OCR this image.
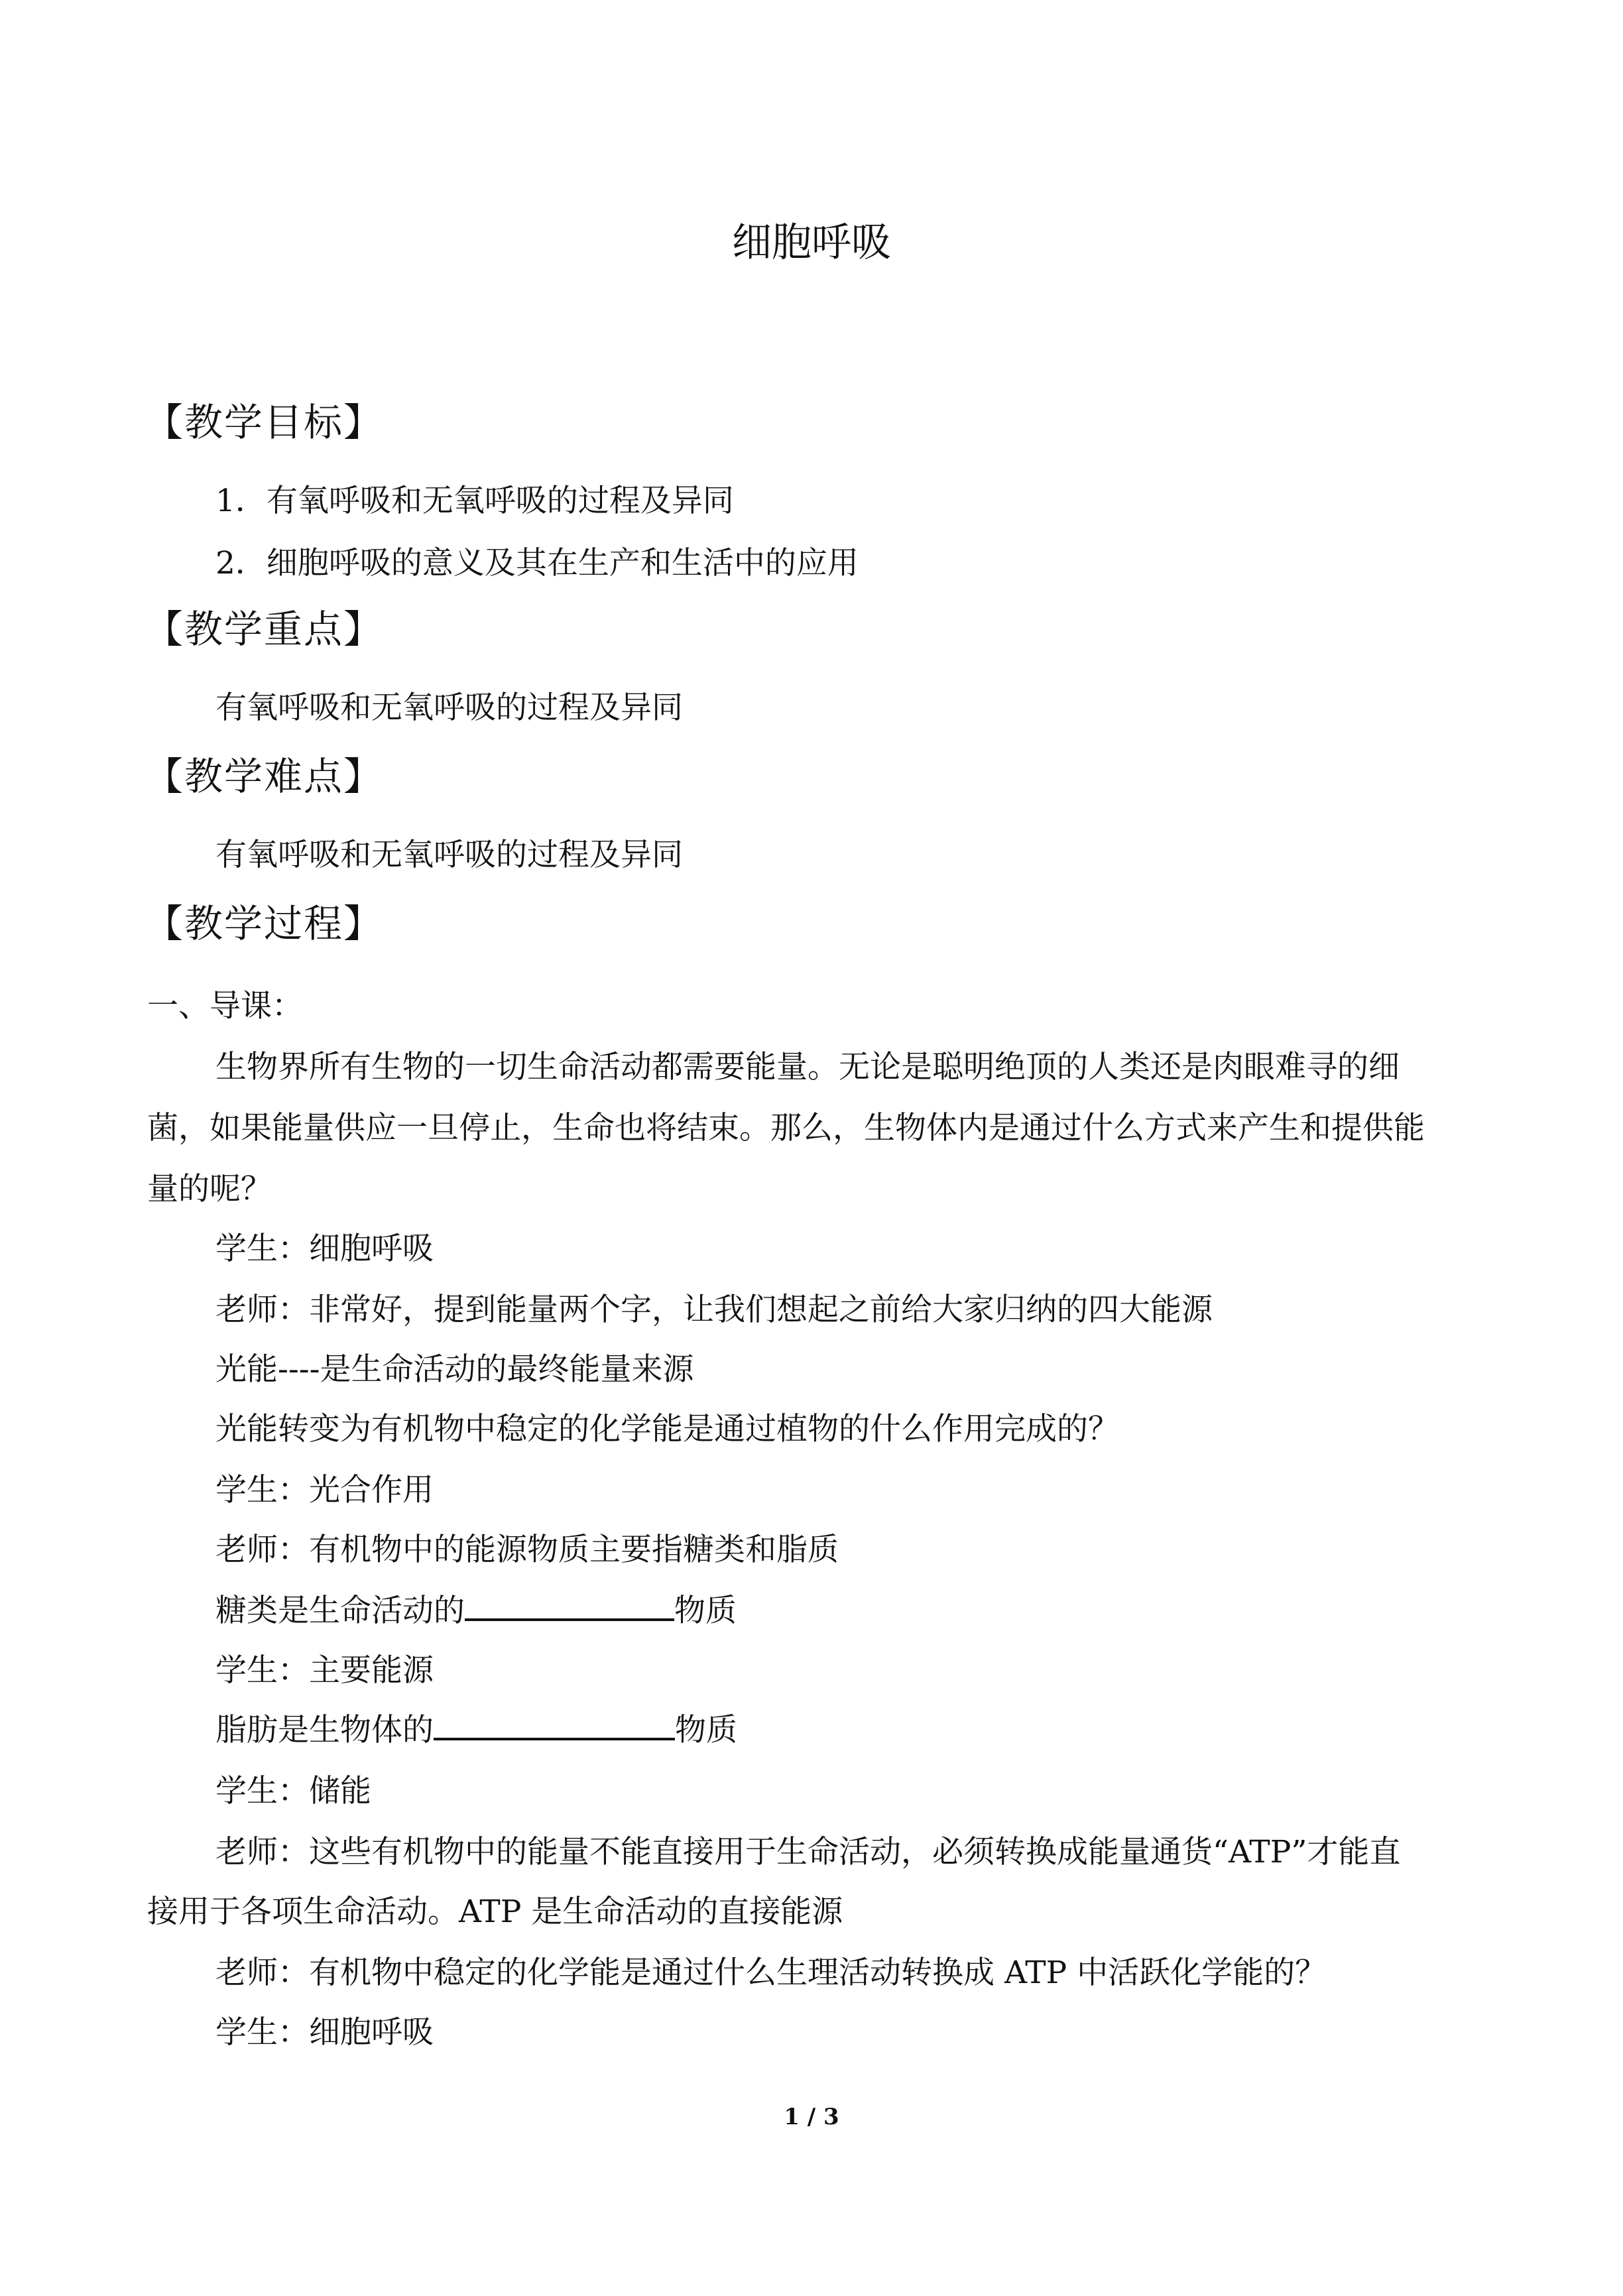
细胞呼吸
【教学目标】
1．有氧呼吸和无氧呼吸的过程及异同
2．细胞呼吸的意义及其在生产和生活中的应用
【教学重点】
有氧呼吸和无氧呼吸的过程及异同
【教学难点】
有氧呼吸和无氧呼吸的过程及异同
【教学过程】
一、导课：
生物界所有生物的一切生命活动都需要能量。无论是聪明绝顶的人类还是肉眼难寻的细
菌，如果能量供应一旦停止，生命也将结束。那么，生物体内是通过什么方式来产生和提供能
量的呢？
学生：细胞呼吸
老师：非常好，提到能量两个字，让我们想起之前给大家归纳的四大能源
光能----是生命活动的最终能量来源
光能转变为有机物中稳定的化学能是通过植物的什么作用完成的？
学生：光合作用
老师：有机物中的能源物质主要指糖类和脂质
糖类是生命活动的	物质
学生：主要能源
脂肪是生物体的	物质
学生：储能
老师：这些有机物中的能量不能直接用于生命活动，必须转换成能量通货“ATP”才能直
接用于各项生命活动。ATP 是生命活动的直接能源
老师：有机物中稳定的化学能是通过什么生理活动转换成 ATP 中活跃化学能的？
学生：细胞呼吸
1 / 3
